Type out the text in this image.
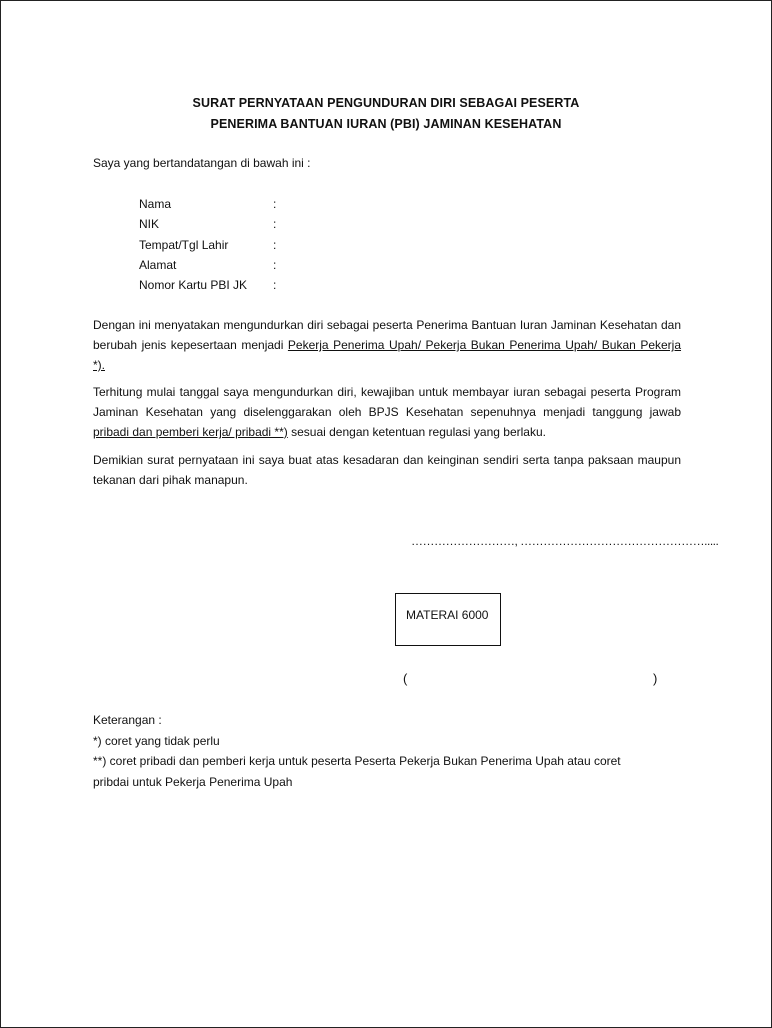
SURAT PERNYATAAN PENGUNDURAN DIRI SEBAGAI PESERTA
PENERIMA BANTUAN IURAN (PBI) JAMINAN KESEHATAN
Saya yang bertandatangan di bawah ini :
Nama	:
NIK	:
Tempat/Tgl Lahir	:
Alamat	:
Nomor Kartu PBI JK :
Dengan ini menyatakan mengundurkan diri sebagai peserta Penerima Bantuan Iuran Jaminan Kesehatan dan berubah jenis kepesertaan menjadi Pekerja Penerima Upah/ Pekerja Bukan Penerima Upah/ Bukan Pekerja *).
Terhitung mulai tanggal saya mengundurkan diri, kewajiban untuk membayar iuran sebagai peserta Program Jaminan Kesehatan yang diselenggarakan oleh BPJS Kesehatan sepenuhnya menjadi tanggung jawab pribadi dan pemberi kerja/ pribadi **) sesuai dengan ketentuan regulasi yang berlaku.
Demikian surat pernyataan ini saya buat atas kesadaran dan keinginan sendiri serta tanpa paksaan maupun tekanan dari pihak manapun.
………………………, ………………………………………….....
MATERAI 6000
(	)
Keterangan :
*) coret yang tidak perlu
**) coret pribadi dan pemberi kerja untuk peserta Peserta Pekerja Bukan Penerima Upah atau coret
pribdai untuk Pekerja Penerima Upah
